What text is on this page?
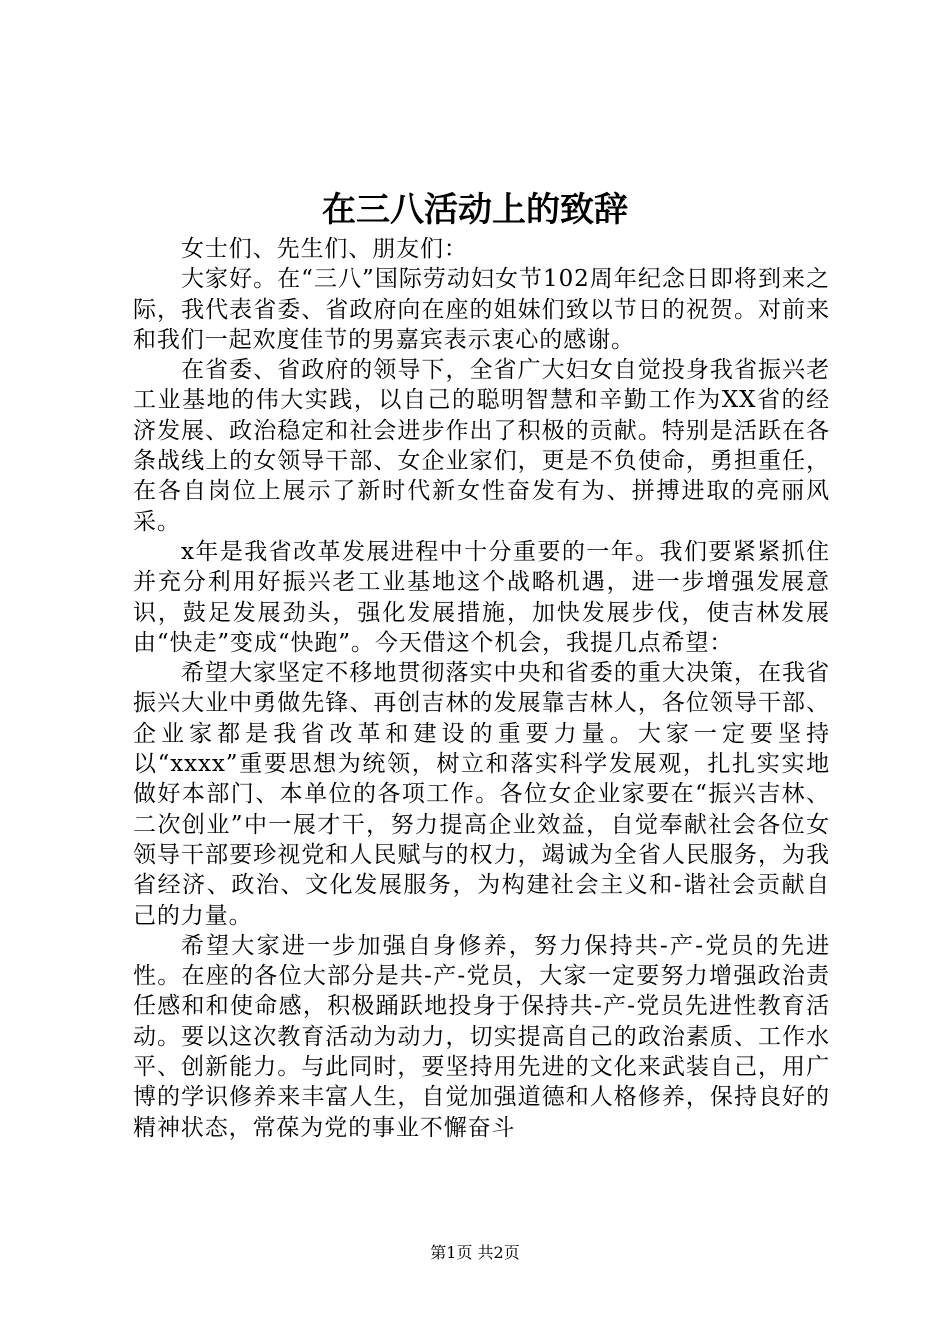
在三八活动上的致辞

女士们、先生们、朋友们：

大家好。在“三八”国际劳动妇女节102周年纪念日即将到来之际，我代表省委、省政府向在座的姐妹们致以节日的祝贺。对前来和我们一起欢度佳节的男嘉宾表示衷心的感谢。

在省委、省政府的领导下，全省广大妇女自觉投身我省振兴老工业基地的伟大实践，以自己的聪明智慧和辛勤工作为XX省的经济发展、政治稳定和社会进步作出了积极的贡献。特别是活跃在各条战线上的女领导干部、女企业家们，更是不负使命，勇担重任，在各自岗位上展示了新时代新女性奋发有为、拼搏进取的亮丽风采。

x年是我省改革发展进程中十分重要的一年。我们要紧紧抓住并充分利用好振兴老工业基地这个战略机遇，进一步增强发展意识，鼓足发展劲头，强化发展措施，加快发展步伐，使吉林发展由“快走”变成“快跑”。今天借这个机会，我提几点希望：

希望大家坚定不移地贯彻落实中央和省委的重大决策，在我省振兴大业中勇做先锋、再创吉林的发展靠吉林人，各位领导干部、企业家都是我省改革和建设的重要力量。大家一定要坚持以“xxxx”重要思想为统领，树立和落实科学发展观，扎扎实实地做好本部门、本单位的各项工作。各位女企业家要在“振兴吉林、二次创业”中一展才干，努力提高企业效益，自觉奉献社会各位女领导干部要珍视党和人民赋与的权力，竭诚为全省人民服务，为我省经济、政治、文化发展服务，为构建社会主义和-谐社会贡献自己的力量。

希望大家进一步加强自身修养，努力保持共-产-党员的先进性。在座的各位大部分是共-产-党员，大家一定要努力增强政治责任感和和使命感，积极踊跃地投身于保持共-产-党员先进性教育活动。要以这次教育活动为动力，切实提高自己的政治素质、工作水平、创新能力。与此同时，要坚持用先进的文化来武装自己，用广博的学识修养来丰富人生，自觉加强道德和人格修养，保持良好的精神状态，常葆为党的事业不懈奋斗

第1页 共2页
